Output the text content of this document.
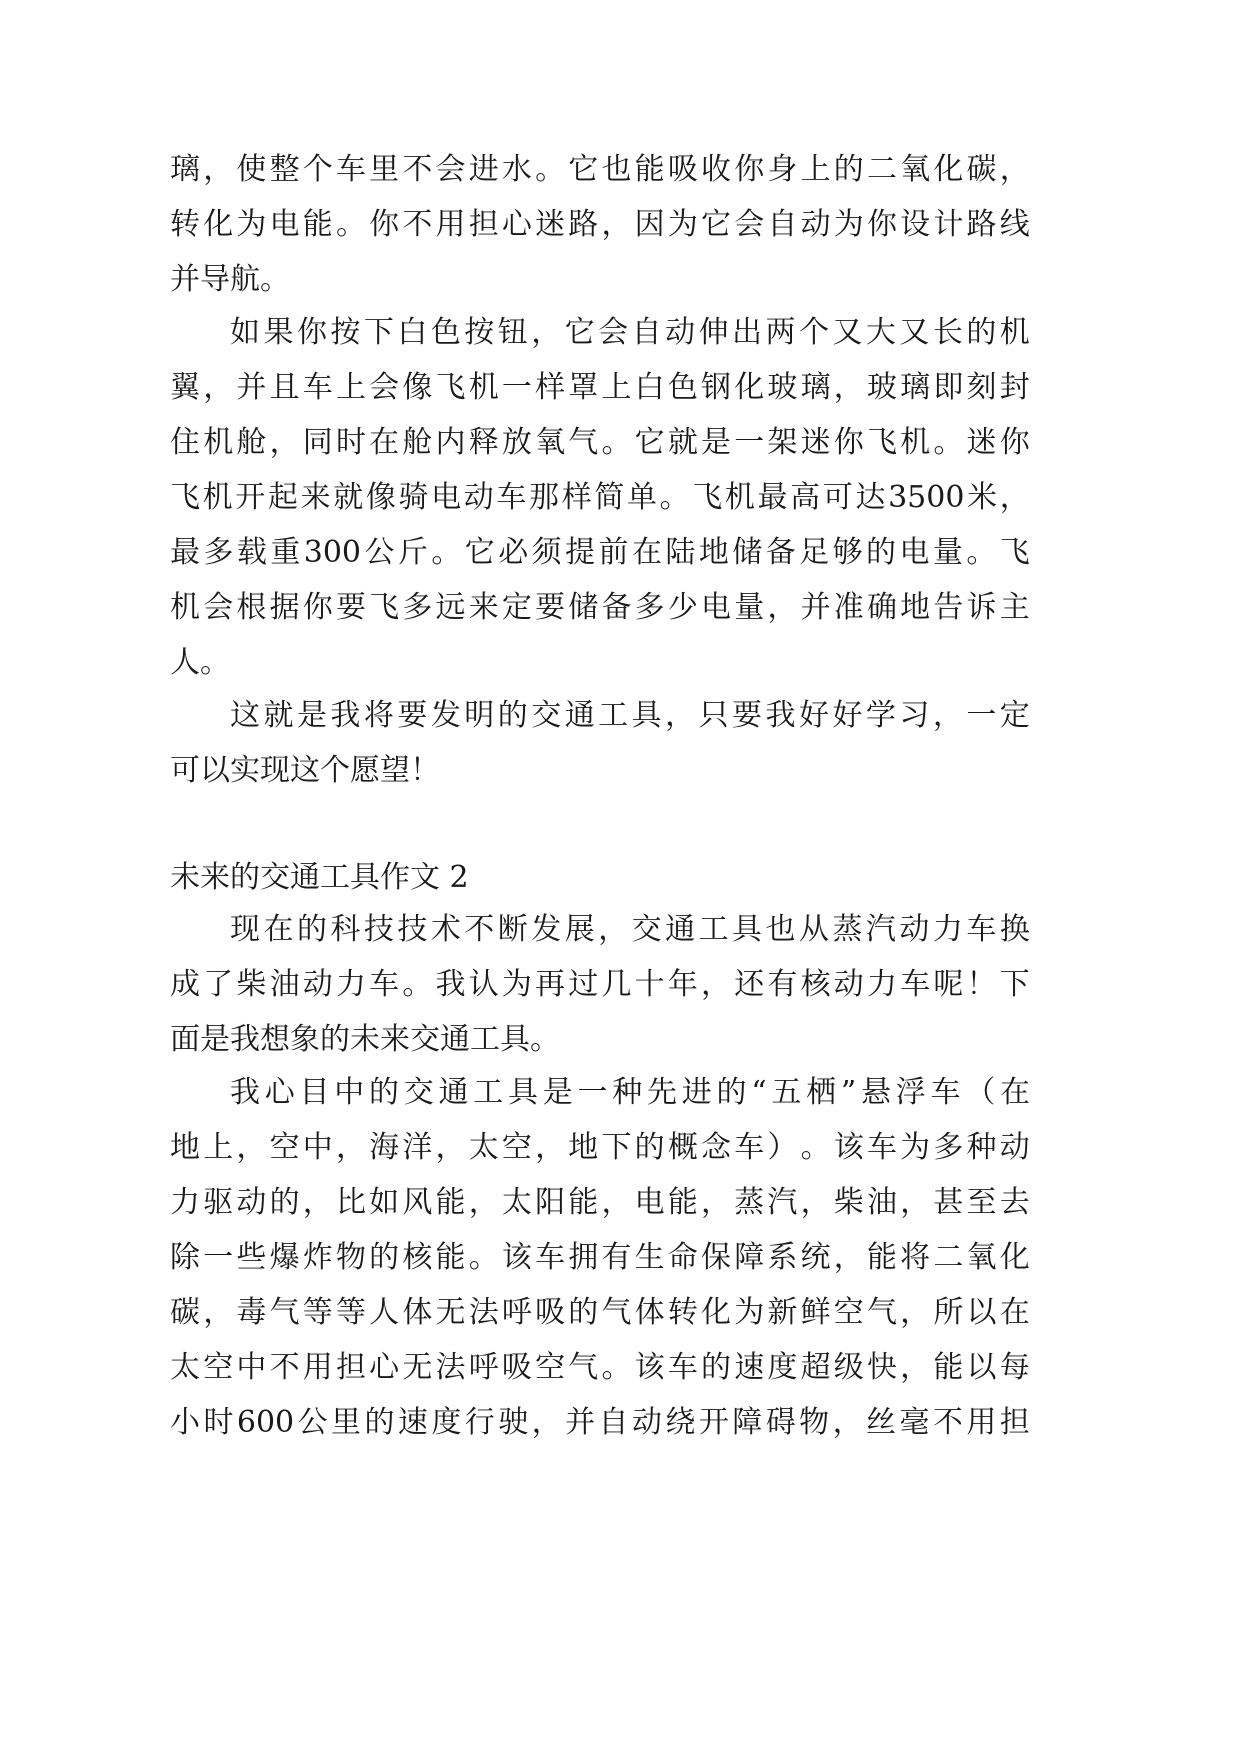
璃 ， 使 整 个 车 里 不 会 进 水 。 它 也 能 吸 收 你 身 上 的 二 氧 化 碳 ，
转 化 为 电 能 。 你 不 用 担 心 迷 路 ， 因 为 它 会 自 动 为 你 设 计 路 线
并导航。
如 果 你 按 下 白 色 按 钮 ， 它 会 自 动 伸 出 两 个 又 大 又 长 的 机
翼 ， 并 且 车 上 会 像 飞 机 一 样 罩 上 白 色 钢 化 玻 璃 ， 玻 璃 即 刻 封
住 机 舱 ， 同 时 在 舱 内 释 放 氧 气 。 它 就 是 一 架 迷 你 飞 机 。 迷 你
飞 机 开 起 来 就 像 骑 电 动 车 那 样 简 单 。 飞 机 最 高 可 达 3500 米 ，
最 多 载 重 300 公 斤 。 它 必 须 提 前 在 陆 地 储 备 足 够 的 电 量 。 飞
机 会 根 据 你 要 飞 多 远 来 定 要 储 备 多 少 电 量 ， 并 准 确 地 告 诉 主
人。
这 就 是 我 将 要 发 明 的 交 通 工 具 ， 只 要 我 好 好 学 习 ， 一 定
可以实现这个愿望！
未来的交通工具作文 2
现 在 的 科 技 技 术 不 断 发 展 ， 交 通 工 具 也 从 蒸 汽 动 力 车 换
成 了 柴 油 动 力 车 。 我 认 为 再 过 几 十 年 ， 还 有 核 动 力 车 呢 ！ 下
面是我想象的未来交通工具。
我 心 目 中 的 交 通 工 具 是 一 种 先 进 的 “ 五 栖 ” 悬 浮 车 （ 在
地 上 ， 空 中 ， 海 洋 ， 太 空 ， 地 下 的 概 念 车 ） 。 该 车 为 多 种 动
力 驱 动 的 ， 比 如 风 能 ， 太 阳 能 ， 电 能 ， 蒸 汽 ， 柴 油 ， 甚 至 去
除 一 些 爆 炸 物 的 核 能 。 该 车 拥 有 生 命 保 障 系 统 ， 能 将 二 氧 化
碳 ， 毒 气 等 等 人 体 无 法 呼 吸 的 气 体 转 化 为 新 鲜 空 气 ， 所 以 在
太 空 中 不 用 担 心 无 法 呼 吸 空 气 。 该 车 的 速 度 超 级 快 ， 能 以 每
小 时 600 公 里 的 速 度 行 驶 ， 并 自 动 绕 开 障 碍 物 ， 丝 毫 不 用 担
